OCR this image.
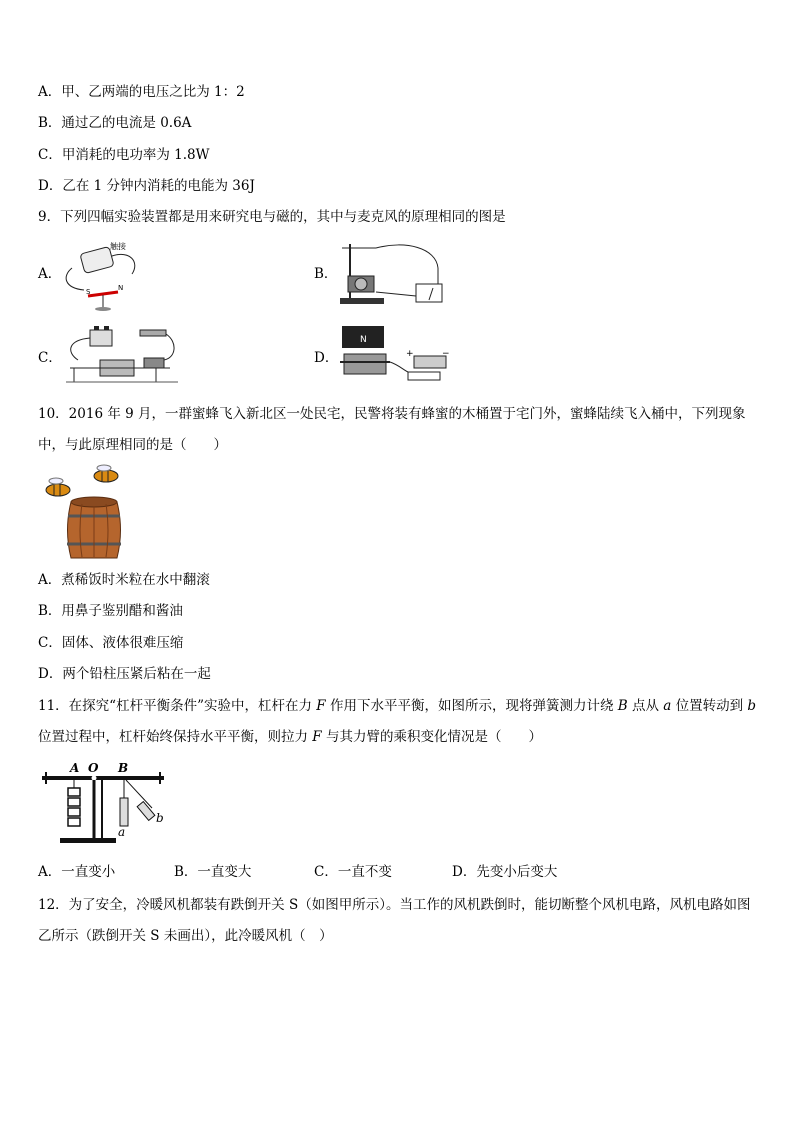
A．甲、乙两端的电压之比为 1：2
B．通过乙的电流是 0.6A
C．甲消耗的电功率为 1.8W
D．乙在 1 分钟内消耗的电能为 36J
9．下列四幅实验装置都是用来研究电与磁的，其中与麦克风的原理相同的图是
A．
触接
S	N
B．
C．	D．
N
+	−
10．2016 年 9 月，一群蜜蜂飞入新北区一处民宅，民警将装有蜂蜜的木桶置于宅门外，蜜蜂陆续飞入桶中，下列现象中，与此原理相同的是（　　）
A．煮稀饭时米粒在水中翻滚
B．用鼻子鉴别醋和酱油
C．固体、液体很难压缩
D．两个铅柱压紧后粘在一起
11．在探究“杠杆平衡条件”实验中，杠杆在力 F 作用下水平平衡，如图所示，现将弹簧测力计绕 B 点从 a 位置转动到 b 位置过程中，杠杆始终保持水平平衡，则拉力 F 与其力臂的乘积变化情况是（　　）
A O B
a
b
A．一直变小	B．一直变大	C．一直不变	D．先变小后变大
12．为了安全，冷暖风机都装有跌倒开关 S（如图甲所示）。当工作的风机跌倒时，能切断整个风机电路，风机电路如图乙所示（跌倒开关 S 未画出），此冷暖风机（　）
